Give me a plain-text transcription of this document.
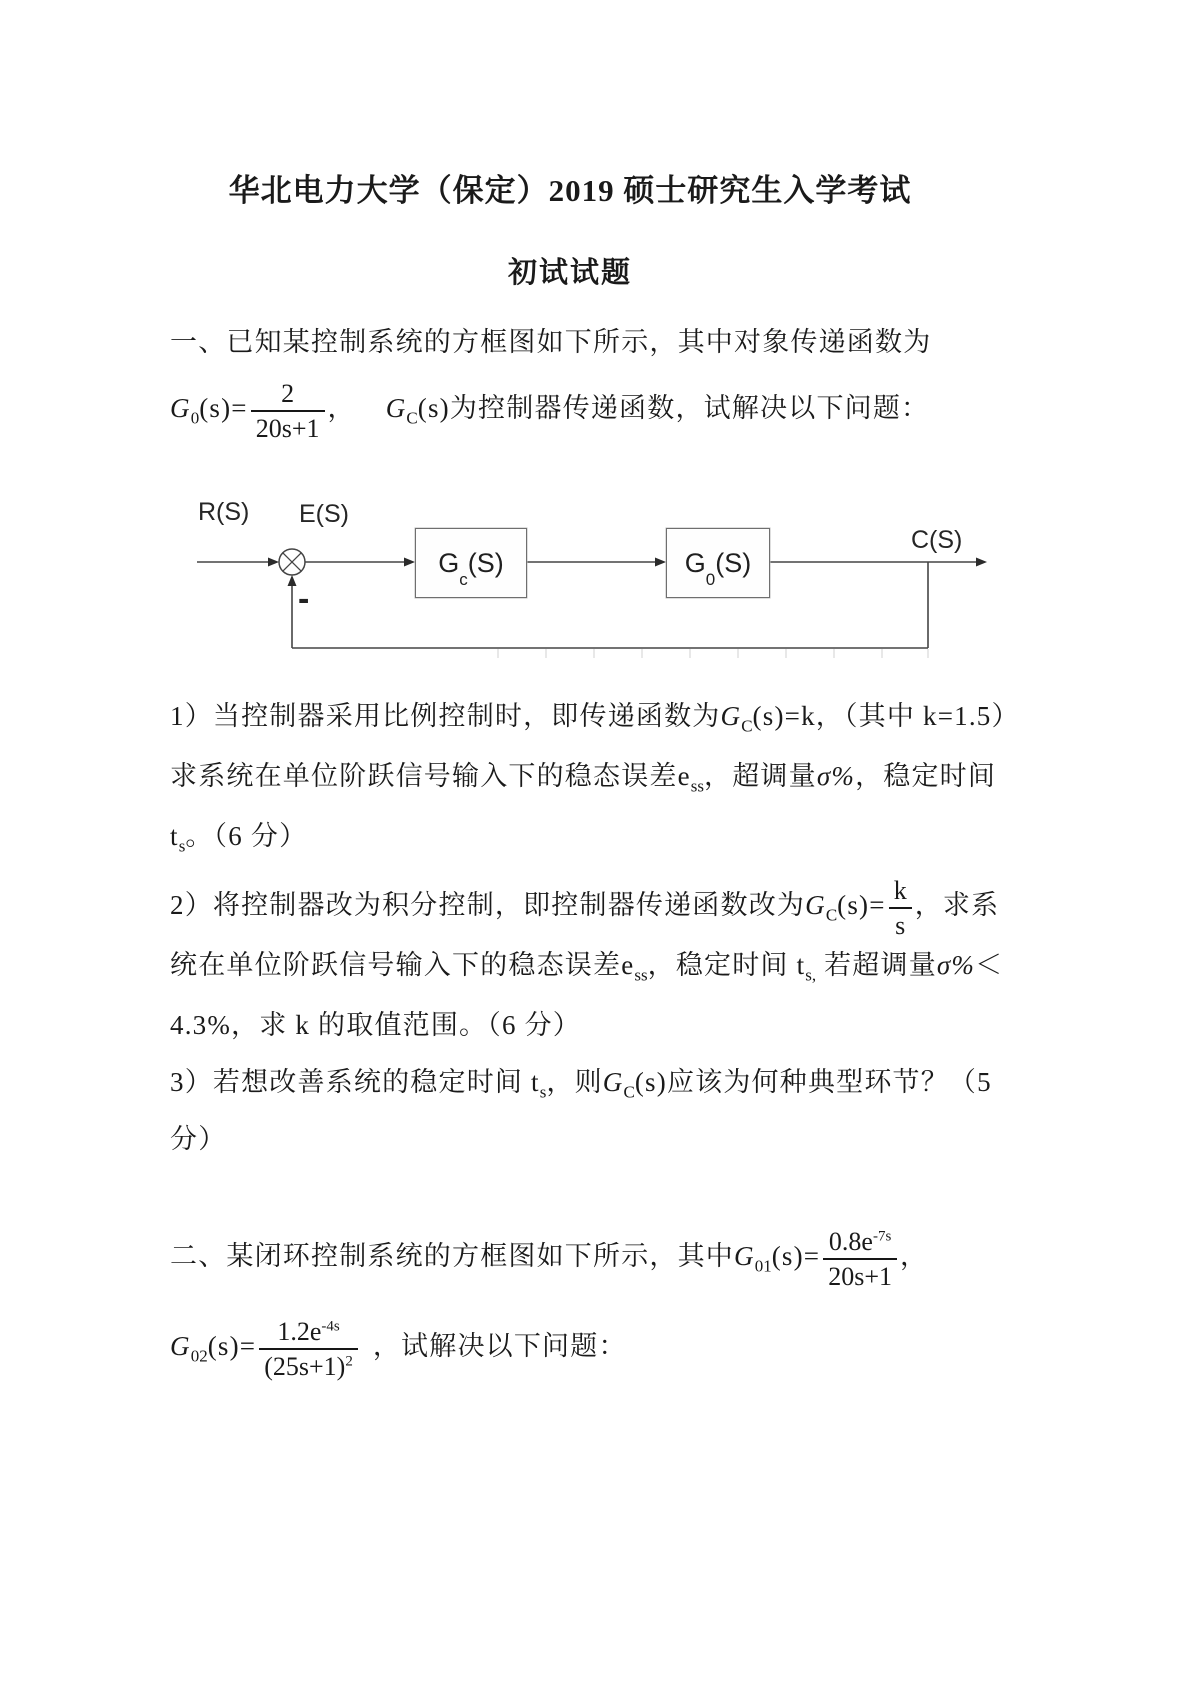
华北电力大学（保定）2019 硕士研究生入学考试
初试试题
一、已知某控制系统的方框图如下所示，其中对象传递函数为
$G_0(s)= \frac{2}{20s+1}$ ， $G_C(s)$为控制器传递函数，试解决以下问题：
R(S) E(S)
G
c
(S)	G
0
(S)
C(S)
-
1）当控制器采用比例控制时，即传递函数为$G_C(s)=k$，（其中 k=1.5）
求系统在单位阶跃信号输入下的稳态误差$e_{ss}$，超调量σ%，稳定时间
$t_s$。（6 分）
2）将控制器改为积分控制，即控制器传递函数改为$G_C(s)= \frac{k}{s}$ ，求系
统在单位阶跃信号输入下的稳态误差$e_{ss}$，稳定时间 $t_{s,}$ 若超调量σ%＜
4.3%，求 k 的取值范围。（6 分）
3）若想改善系统的稳定时间 $t_s$，则$G_C(s)$应该为何种典型环节？（5
分）
二、某闭环控制系统的方框图如下所示，其中$G_{01}(s)= \frac{0.8e^{-7s}}{20s+1}$ ，
$G_{02}(s)= \frac{1.2e^{-4s}}{(25s+1)^2}$ ，试解决以下问题：
